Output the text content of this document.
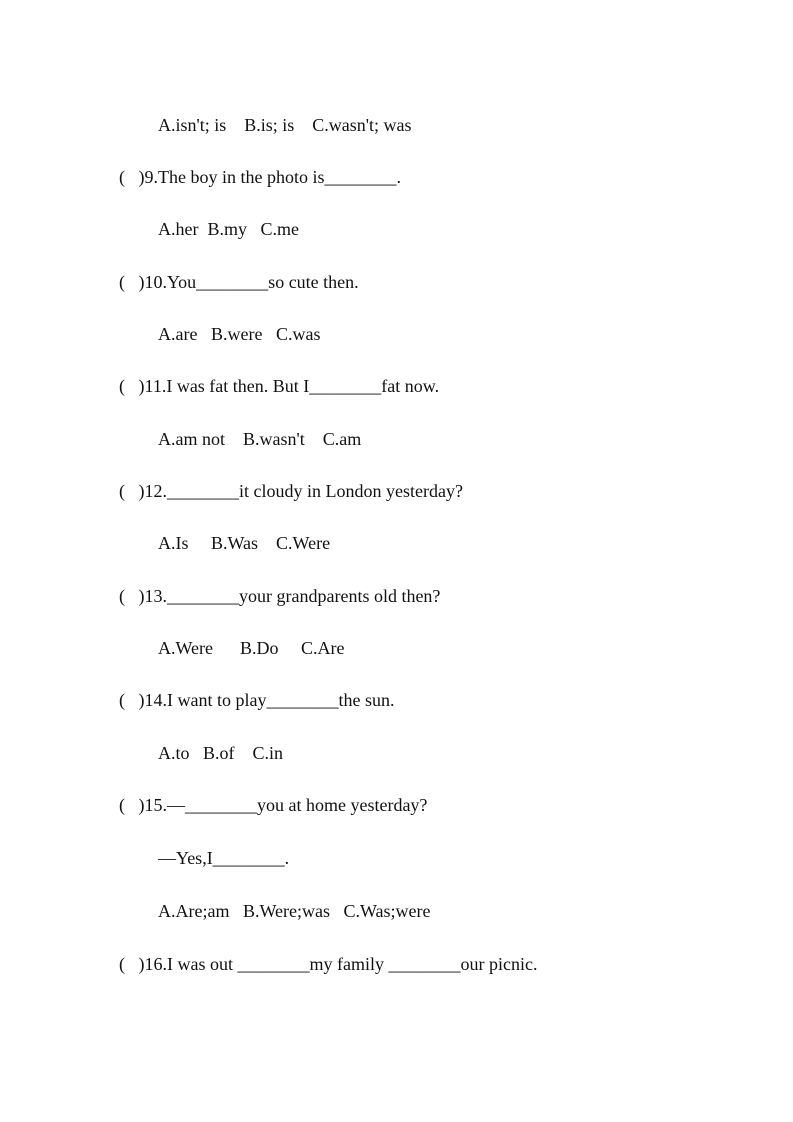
A.isn't; is    B.is; is    C.wasn't; was
(   )9.The boy in the photo is________.
A.her  B.my   C.me
(   )10.You________so cute then.
A.are   B.were   C.was
(   )11.I was fat then. But I________fat now.
A.am not    B.wasn't    C.am
(   )12.________it cloudy in London yesterday?
A.Is     B.Was    C.Were
(   )13.________your grandparents old then?
A.Were      B.Do     C.Are
(   )14.I want to play________the sun.
A.to   B.of    C.in
(   )15.—________you at home yesterday?
—Yes,I________.
A.Are;am   B.Were;was   C.Was;were
(   )16.I was out ________my family ________our picnic.
